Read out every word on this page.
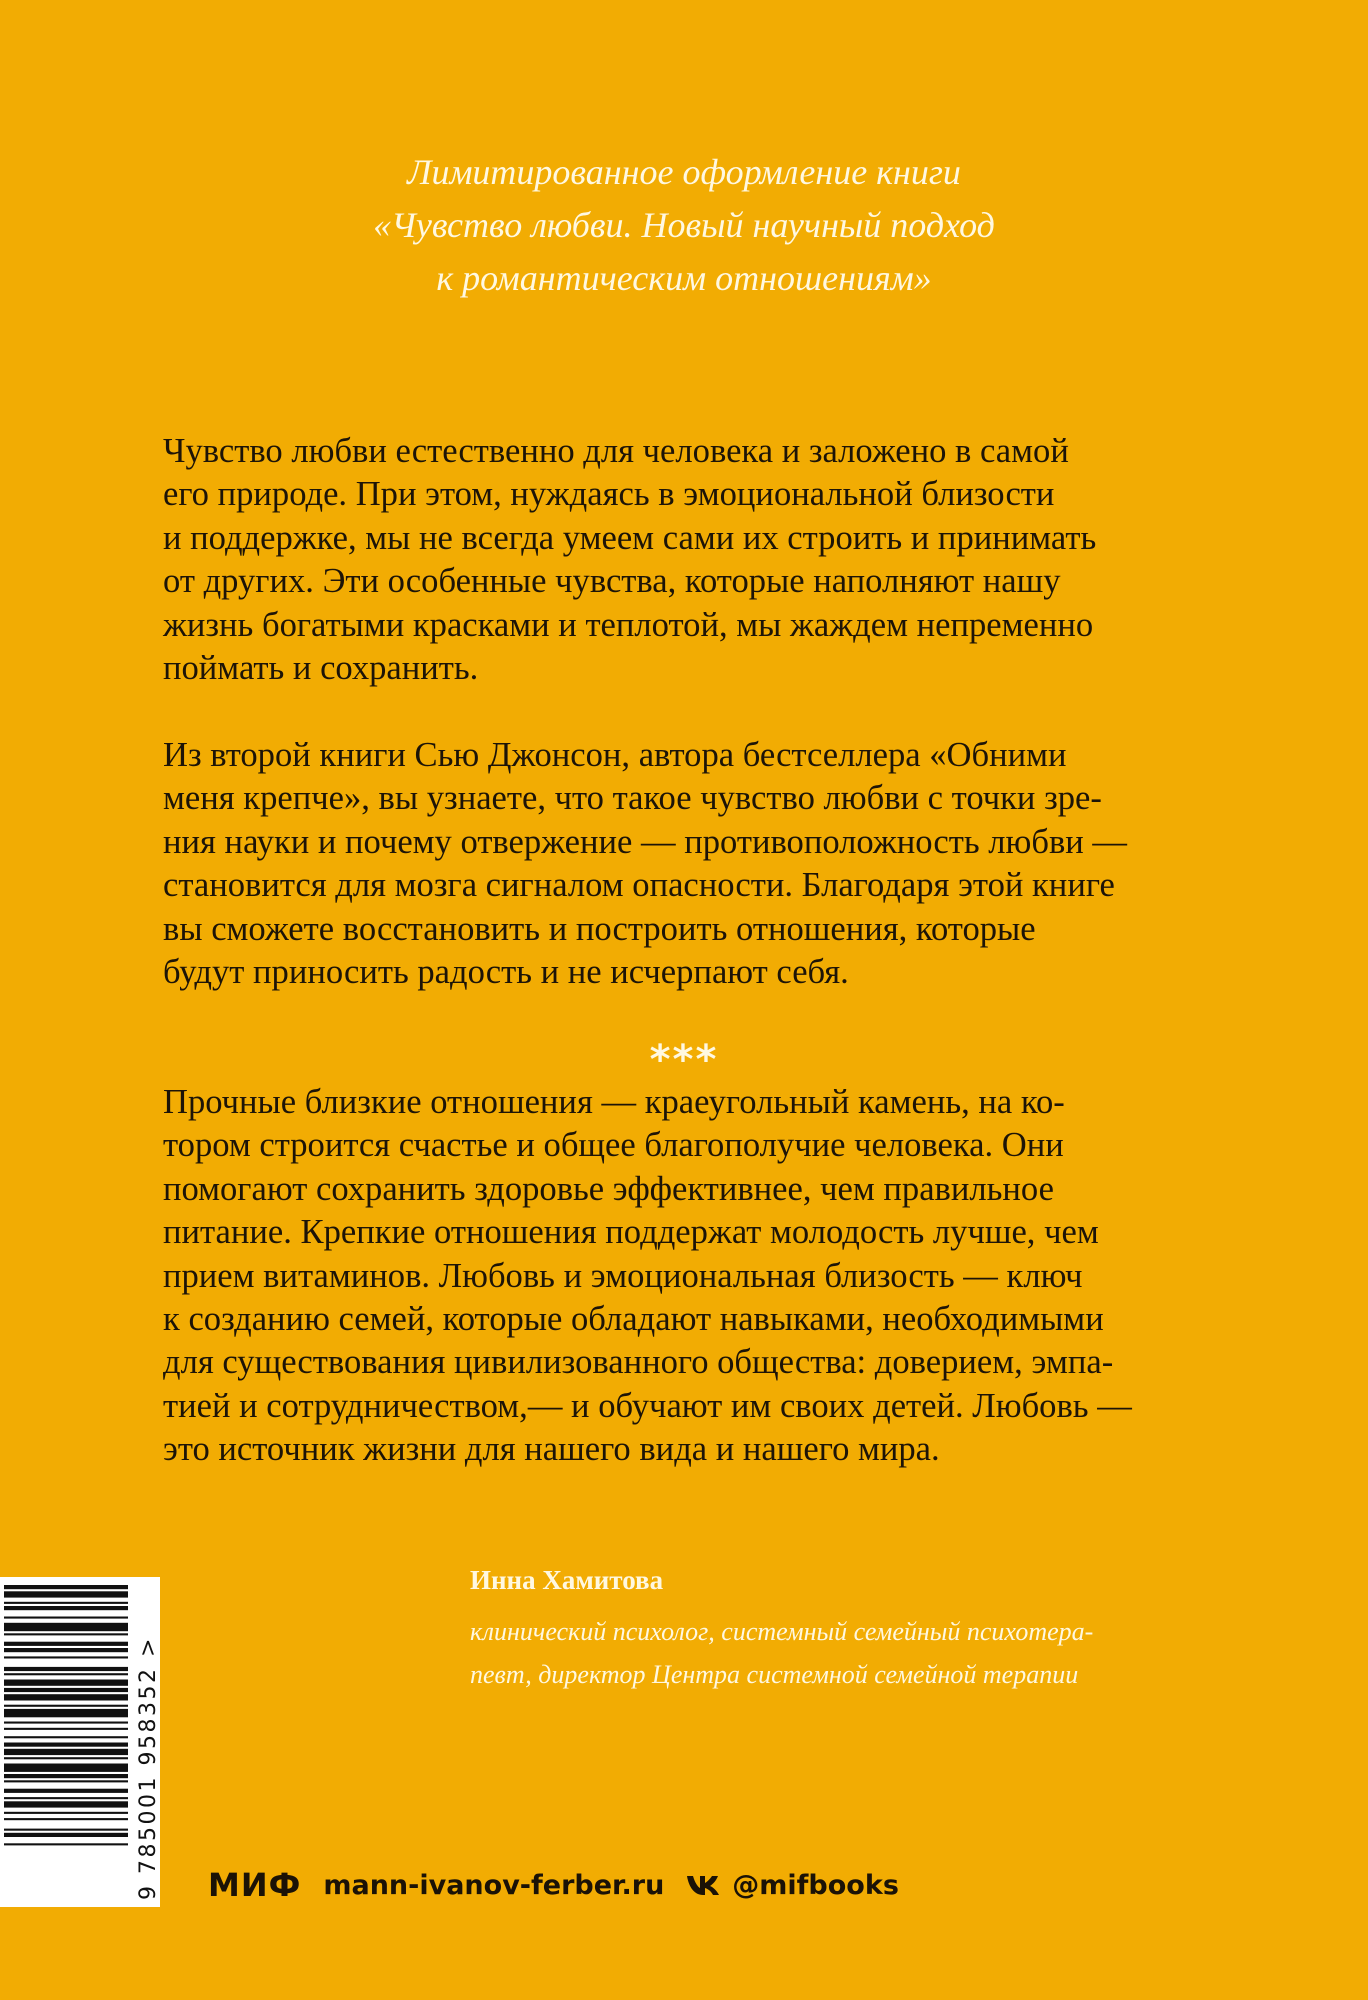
Лимитированное оформление книги
«Чувство любви. Новый научный подход
к романтическим отношениям»
Чувство любви естественно для человека и заложено в самой
его природе. При этом, нуждаясь в эмоциональной близости
и поддержке, мы не всегда умеем сами их строить и принимать
от других. Эти особенные чувства, которые наполняют нашу
жизнь богатыми красками и теплотой, мы жаждем непременно
поймать и сохранить.
Из второй книги Сью Джонсон, автора бестселлера «Обними
меня крепче», вы узнаете, что такое чувство любви с точки зре-
ния науки и почему отвержение — противоположность любви —
становится для мозга сигналом опасности. Благодаря этой книге
вы сможете восстановить и построить отношения, которые
будут приносить радость и не исчерпают себя.
***
Прочные близкие отношения — краеугольный камень, на ко-
тором строится счастье и общее благополучие человека. Они
помогают сохранить здоровье эффективнее, чем правильное
питание. Крепкие отношения поддержат молодость лучше, чем
прием витаминов. Любовь и эмоциональная близость — ключ
к созданию семей, которые обладают навыками, необходимыми
для существования цивилизованного общества: доверием, эмпа-
тией и сотрудничеством,— и обучают им своих детей. Любовь —
это источник жизни для нашего вида и нашего мира.
Инна Хамитова
клинический психолог, системный семейный психотера-
певт, директор Центра системной семейной терапии
9 785001 958352 > МИФ mann-ivanov-ferber.ru	@mifbooks
